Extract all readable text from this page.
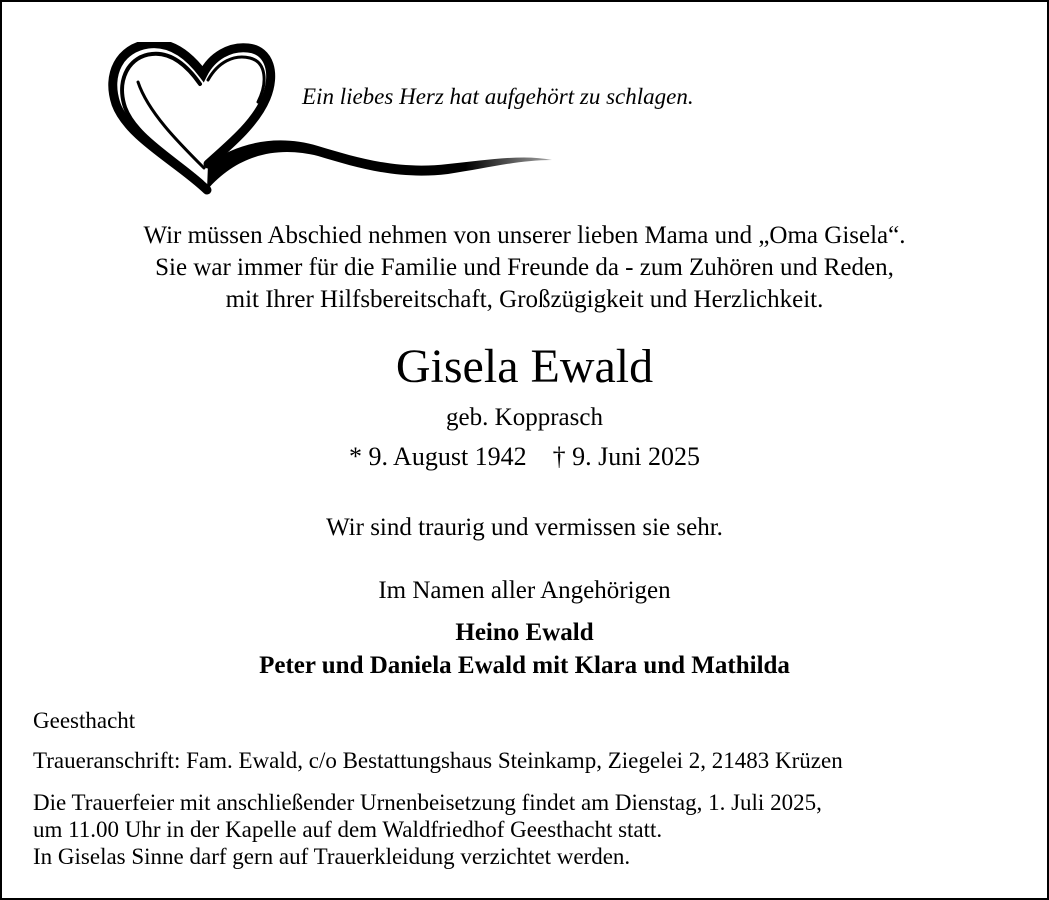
Ein liebes Herz hat aufgehört zu schlagen.
Wir müssen Abschied nehmen von unserer lieben Mama und „Oma Gisela“.
Sie war immer für die Familie und Freunde da - zum Zuhören und Reden,
mit Ihrer Hilfsbereitschaft, Großzügigkeit und Herzlichkeit.
Gisela Ewald
geb. Kopprasch
* 9. August 1942 † 9. Juni 2025
Wir sind traurig und vermissen sie sehr.
Im Namen aller Angehörigen
Heino Ewald
Peter und Daniela Ewald mit Klara und Mathilda
Geesthacht
Traueranschrift: Fam. Ewald, c/o Bestattungshaus Steinkamp, Ziegelei 2, 21483 Krüzen
Die Trauerfeier mit anschließender Urnenbeisetzung findet am Dienstag, 1. Juli 2025,
um 11.00 Uhr in der Kapelle auf dem Waldfriedhof Geesthacht statt.
In Giselas Sinne darf gern auf Trauerkleidung verzichtet werden.
